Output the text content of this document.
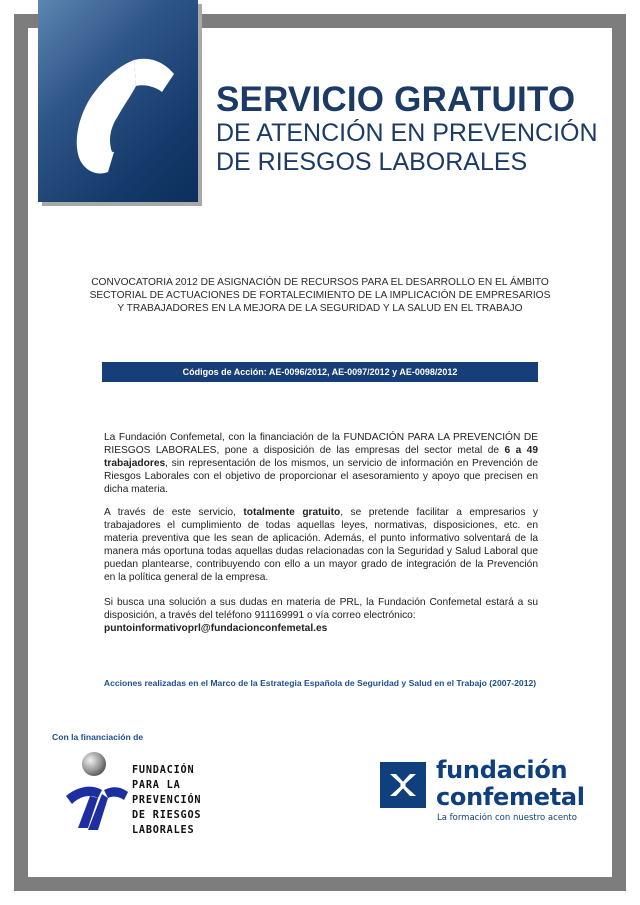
SERVICIO GRATUITO
DE ATENCIÓN EN PREVENCIÓN
DE RIESGOS LABORALES
CONVOCATORIA 2012 DE ASIGNACIÓN DE RECURSOS PARA EL DESARROLLO EN EL ÁMBITO
SECTORIAL DE ACTUACIONES DE FORTALECIMIENTO DE LA IMPLICACIÓN DE EMPRESARIOS
Y TRABAJADORES EN LA MEJORA DE LA SEGURIDAD Y LA SALUD EN EL TRABAJO
Códigos de Acción: AE-0096/2012, AE-0097/2012 y AE-0098/2012
La Fundación Confemetal, con la financiación de la FUNDACIÓN PARA LA PREVENCIÓN DE RIESGOS LABORALES, pone a disposición de las empresas del sector metal de 6 a 49 trabajadores, sin representación de los mismos, un servicio de información en Prevención de Riesgos Laborales con el objetivo de proporcionar el asesoramiento y apoyo que precisen en dicha materia.
A través de este servicio, totalmente gratuito, se pretende facilitar a empresarios y trabajadores el cumplimiento de todas aquellas leyes, normativas, disposiciones, etc. en materia preventiva que les sean de aplicación. Además, el punto informativo solventará de la manera más oportuna todas aquellas dudas relacionadas con la Seguridad y Salud Laboral que puedan plantearse, contribuyendo con ello a un mayor grado de integración de la Prevención en la política general de la empresa.
Si busca una solución a sus dudas en materia de PRL, la Fundación Confemetal estará a su disposición, a través del teléfono 911169991 o vía correo electrónico:
puntoinformativoprl@fundacionconfemetal.es
Acciones realizadas en el Marco de la Estrategia Española de Seguridad y Salud en el Trabajo (2007-2012)
Con la financiación de
FUNDACIÓN
PARA LA
PREVENCIÓN
DE RIESGOS
LABORALES
fundación
confemetal
La formación con nuestro acento
